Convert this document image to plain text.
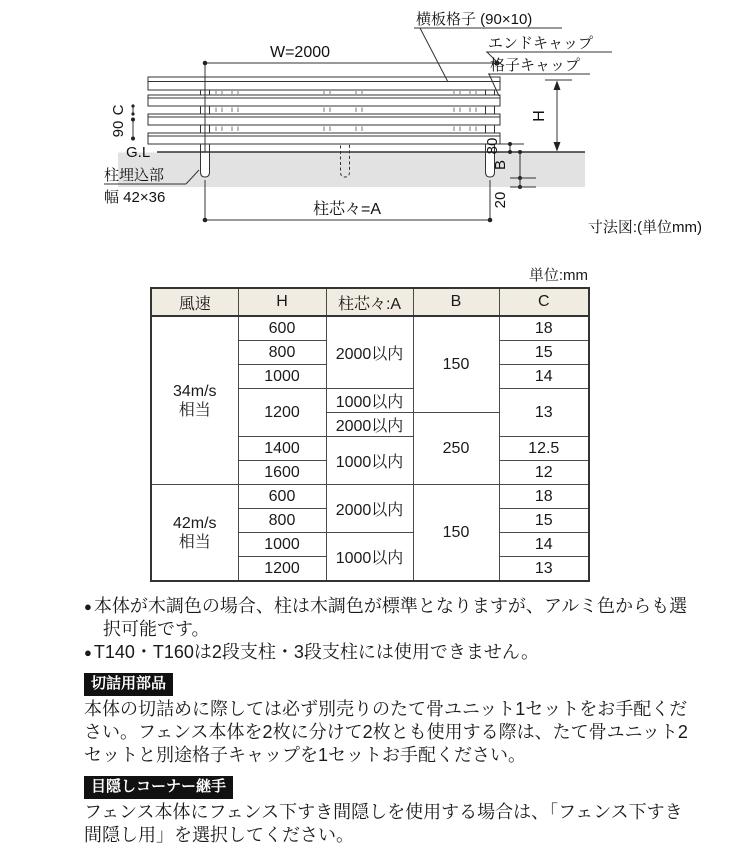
W=2000
横板格子 (90×10)
エンドキャップ
格子キャップ
C
90
G.L
H
80
B
20
柱埋込部
幅 42×36
柱芯々=A
寸法図:(単位mm)
単位:mm
風速	H	柱芯々:A	B	C

34m/s
相当	600	2000以内	150	18
	800			15
	1000			14
	1200	1000以内		13
		2000以内	250	
	1400	1000以内		12.5
	1600			12

42m/s
相当	600	2000以内	150	18
	800			15
	1000	1000以内		14
	1200			13

● 本体が木調色の場合、柱は木調色が標準となりますが、アルミ色からも選択可能です。

● T140・T160は2段支柱・3段支柱には使用できません。

切詰用部品

本体の切詰めに際しては必ず別売りのたて骨ユニット1セットをお手配ください。フェンス本体を2枚に分けて2枚とも使用する際は、たて骨ユニット2セットと別途格子キャップを1セットお手配ください。

目隠しコーナー継手

フェンス本体にフェンス下すき間隠しを使用する場合は、「フェンス下すき間隠し用」を選択してください。
